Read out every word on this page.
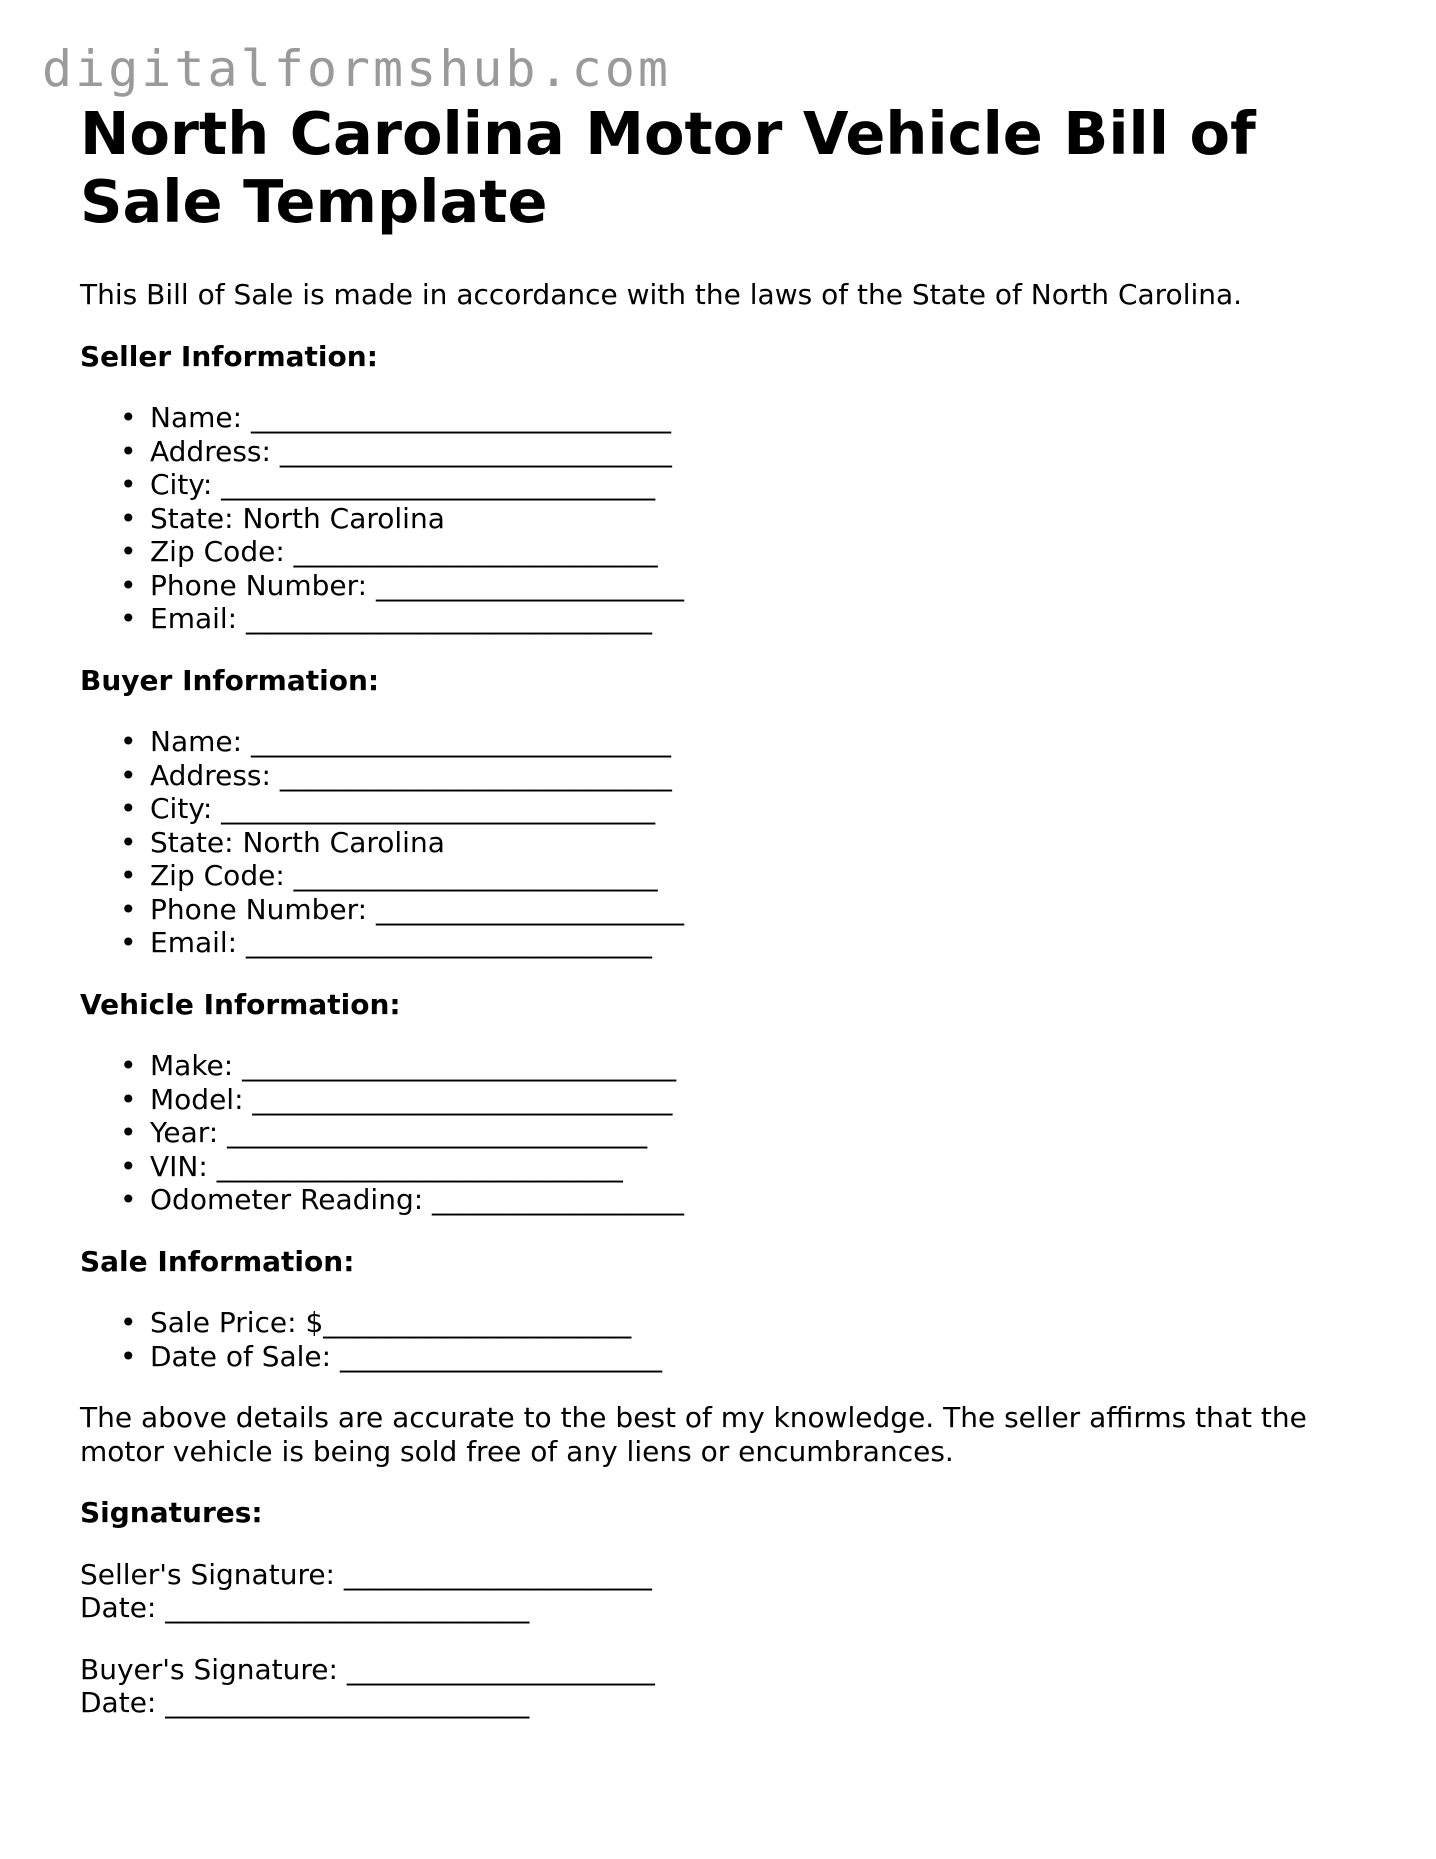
digitalformshub.com
North Carolina Motor Vehicle Bill of
Sale Template

This Bill of Sale is made in accordance with the laws of the State of North Carolina.

Seller Information:

• Name: ______________________________
• Address: ____________________________
• City: _______________________________
• State: North Carolina
• Zip Code: __________________________
• Phone Number: ______________________
• Email: _____________________________

Buyer Information:

• Name: ______________________________
• Address: ____________________________
• City: _______________________________
• State: North Carolina
• Zip Code: __________________________
• Phone Number: ______________________
• Email: _____________________________

Vehicle Information:

• Make: _______________________________
• Model: ______________________________
• Year: ______________________________
• VIN: _____________________________
• Odometer Reading: __________________

Sale Information:

• Sale Price: $______________________
• Date of Sale: _______________________

The above details are accurate to the best of my knowledge. The seller affirms that the motor vehicle is being sold free of any liens or encumbrances.

Signatures:

Seller's Signature: ______________________

Date: __________________________

Buyer's Signature: ______________________

Date: __________________________
